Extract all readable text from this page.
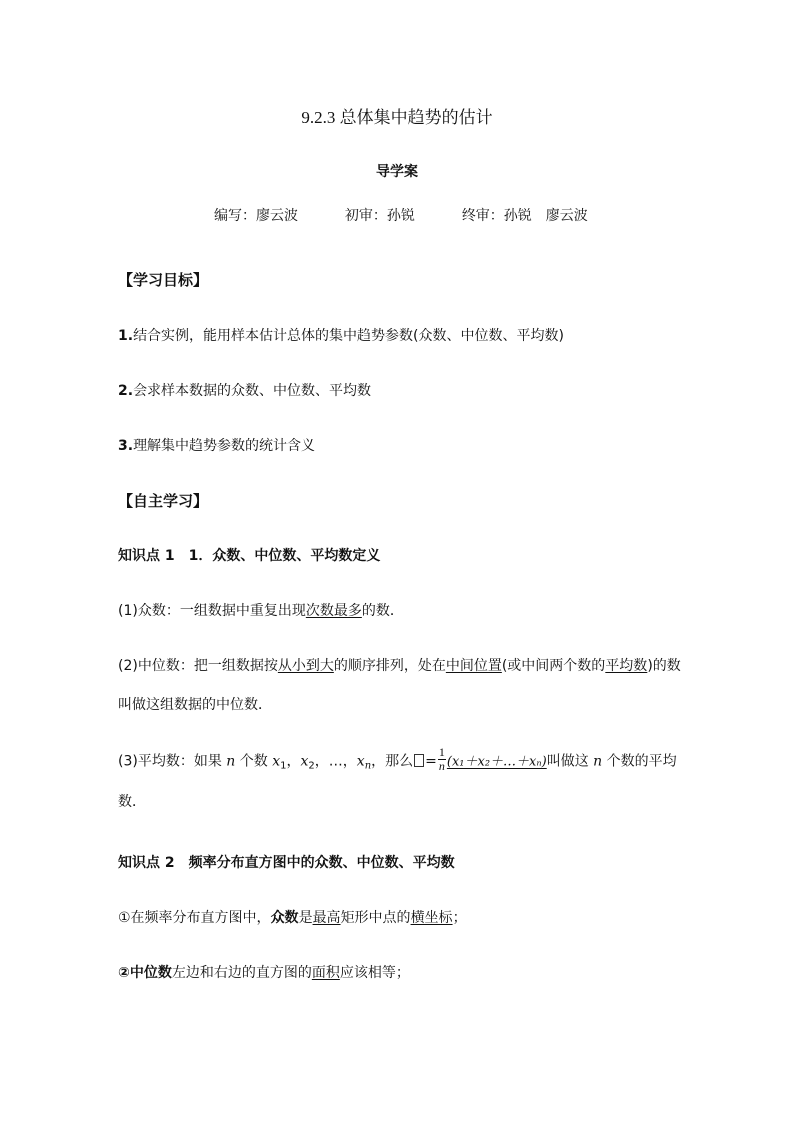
9.2.3 总体集中趋势的估计
导学案
编写：廖云波	初审：孙锐	终审：孙锐　廖云波
【学习目标】
1.结合实例，能用样本估计总体的集中趋势参数(众数、中位数、平均数)
2.会求样本数据的众数、中位数、平均数
3.理解集中趋势参数的统计含义
【自主学习】
知识点 1　1．众数、中位数、平均数定义
(1)众数：一组数据中重复出现次数最多的数．
(2)中位数：把一组数据按从小到大的顺序排列，处在中间位置(或中间两个数的平均数)的数
叫做这组数据的中位数．
(3)平均数：如果 n 个数 $x_1$，$x_2$，…，$x_n$，那么 = $\frac{1}{n}$ (x₁＋x₂＋…＋xₙ)叫做这 n 个数的平均
数．
知识点 2　频率分布直方图中的众数、中位数、平均数
①在频率分布直方图中，众数是最高矩形中点的横坐标；
②中位数左边和右边的直方图的面积应该相等；
